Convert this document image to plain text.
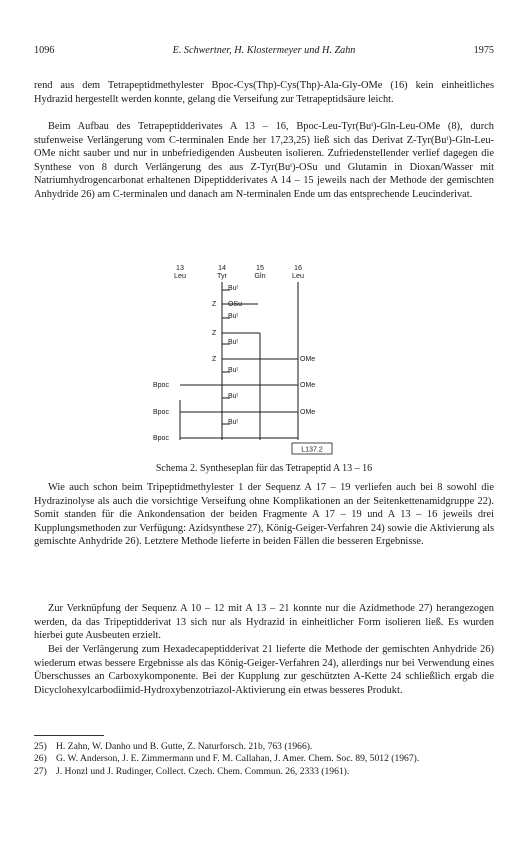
1096	E. Schwertner, H. Klostermeyer und H. Zahn	1975

rend aus dem Tetrapeptidmethylester Bpoc-Cys(Thp)-Cys(Thp)-Ala-Gly-OMe (16) kein einheitliches Hydrazid hergestellt werden konnte, gelang die Verseifung zur Tetrapeptidsäure leicht.

Beim Aufbau des Tetrapeptidderivates A 13 – 16, Bpoc-Leu-Tyr(Buᵗ)-Gln-Leu-OMe (8), durch stufenweise Verlängerung vom C-terminalen Ende her 17,23,25) ließ sich das Derivat Z-Tyr(Buᵗ)-Gln-Leu-OMe nicht sauber und nur in unbefriedigenden Ausbeuten isolieren. Zufriedenstellender verlief dagegen die Synthese von 8 durch Verlängerung des aus Z-Tyr(Buᵗ)-OSu und Glutamin in Dioxan/Wasser mit Natriumhydrogencarbonat erhaltenen Dipeptidderivates A 14 – 15 jeweils nach der Methode der gemischten Anhydride 26) am C-terminalen und danach am N-terminalen Ende um das entsprechende Leucinderivat.

13
Leu
14
Tyr
15
Gln
16
Leu
Buᵗ
Z OSu
Buᵗ
Z
Buᵗ
Z	OMe
Buᵗ
Bpoc	OMe
Buᵗ
Bpoc	OMe
Buᵗ
Bpoc
L137.2
Schema 2. Syntheseplan für das Tetrapeptid A 13 – 16

Wie auch schon beim Tripeptidmethylester 1 der Sequenz A 17 – 19 verliefen auch bei 8 sowohl die Hydrazinolyse als auch die vorsichtige Verseifung ohne Komplikationen an der Seitenkettenamidgruppe 22). Somit standen für die Ankondensation der beiden Fragmente A 17 – 19 und A 13 – 16 jeweils drei Kupplungsmethoden zur Verfügung: Azidsynthese 27), König-Geiger-Verfahren 24) sowie die Aktivierung als gemischte Anhydride 26). Letztere Methode lieferte in beiden Fällen die besseren Ergebnisse.

Zur Verknüpfung der Sequenz A 10 – 12 mit A 13 – 21 konnte nur die Azidmethode 27) herangezogen werden, da das Tripeptidderivat 13 sich nur als Hydrazid in einheitlicher Form isolieren ließ. Es wurden hierbei gute Ausbeuten erzielt.

Bei der Verlängerung zum Hexadecapeptidderivat 21 lieferte die Methode der gemischten Anhydride 26) wiederum etwas bessere Ergebnisse als das König-Geiger-Verfahren 24), allerdings nur bei Verwendung eines Überschusses an Carboxykomponente. Bei der Kupplung zur geschützten A-Kette 24 schließlich ergab die Dicyclohexylcarbodiimid-Hydroxybenzotriazol-Aktivierung ein etwas besseres Produkt.

25) H. Zahn, W. Danho und B. Gutte, Z. Naturforsch. 21b, 763 (1966).
26) G. W. Anderson, J. E. Zimmermann und F. M. Callahan, J. Amer. Chem. Soc. 89, 5012 (1967).
27) J. Honzl und J. Rudinger, Collect. Czech. Chem. Commun. 26, 2333 (1961).
